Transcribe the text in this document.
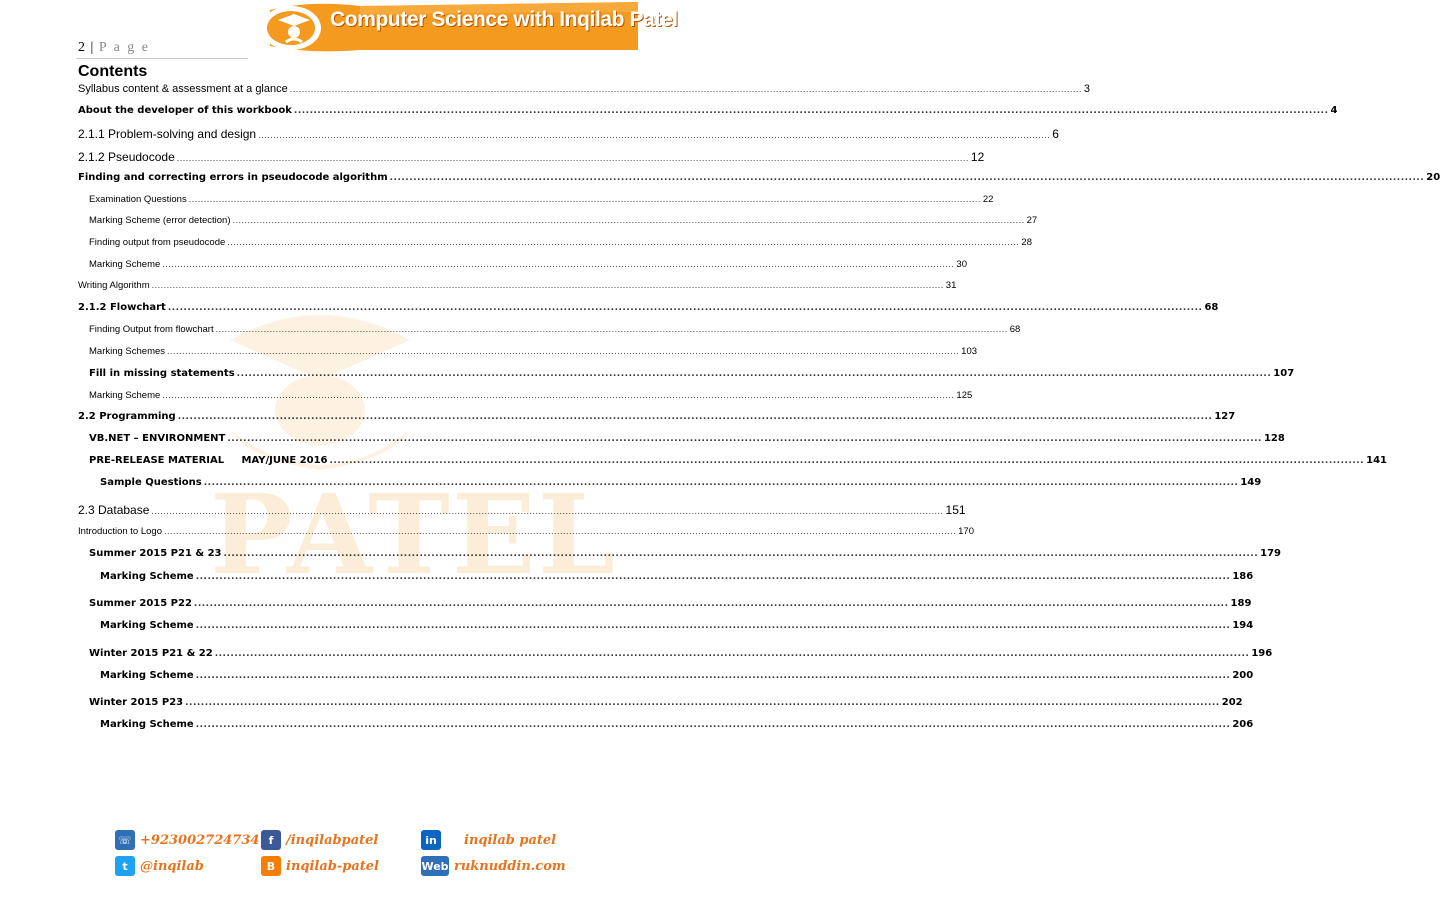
2 | P a g e
Computer Science with Inqilab Patel
PATEL
Contents
Syllabus content & assessment at a glance .....	3
About the developer of this workbook .....	4
2.1.1 Problem-solving and design .....	6
2.1.2 Pseudocode .....	12
Finding and correcting errors in pseudocode algorithm .....	20
Examination Questions .....	22
Marking Scheme (error detection) .....	27
Finding output from pseudocode .....	28
Marking Scheme .....	30
Writing Algorithm .....	31
2.1.2 Flowchart .....	68
Finding Output from flowchart .....	68
Marking Schemes .....	103
Fill in missing statements .....	107
Marking Scheme .....	125
2.2 Programming .....	127
VB.NET – ENVIRONMENT .....	128
PRE-RELEASE MATERIAL     MAY/JUNE 2016 .....	141
Sample Questions .....	149
2.3 Database .....	151
Introduction to Logo .....	170
Summer 2015 P21 & 23 .....	179
Marking Scheme .....	186
Summer 2015 P22 .....	189
Marking Scheme .....	194
Winter 2015 P21 & 22 .....	196
Marking Scheme .....	200
Winter 2015 P23 .....	202
Marking Scheme .....	206
☏ +923002724734 f /inqilabpatel	in	inqilab patel
t @inqilab	B inqilab-patel	Web ruknuddin.com
